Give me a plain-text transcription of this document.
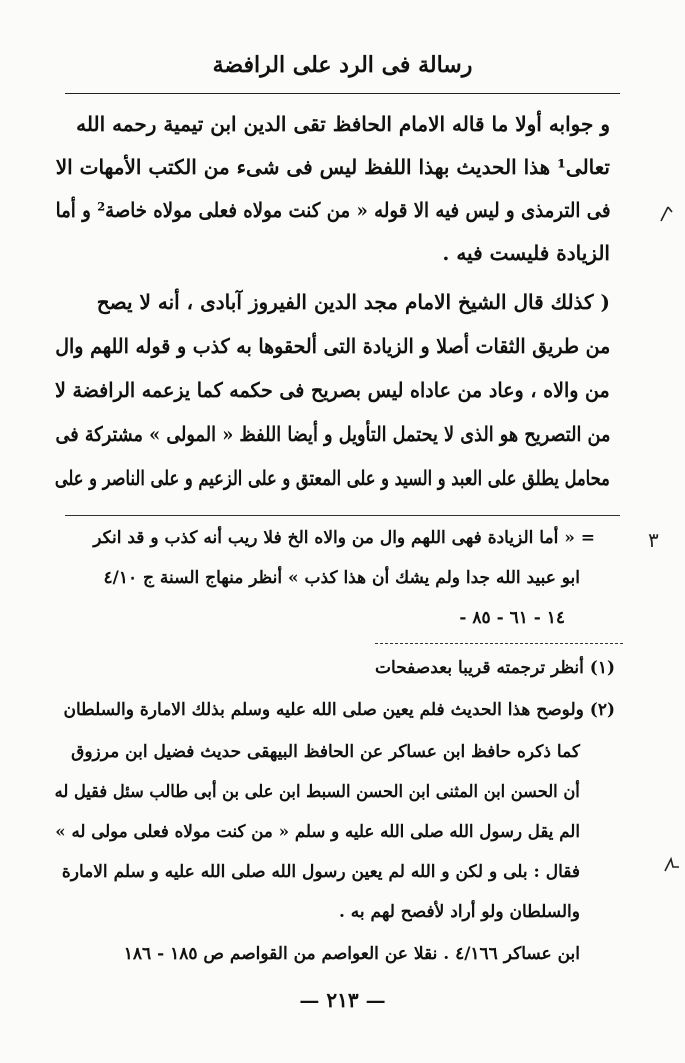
رسالة فى الرد على الرافضة
و جوابه أولا ما قاله الامام الحافظ تقى الدين ابن تيمية رحمه الله
تعالى¹ هذا الحديث بهذا اللفظ ليس فى شىء من الكتب الأمهات الا
فى الترمذى و ليس فيه الا قوله « من كنت مولاه فعلى مولاه خاصة² و أما
الزيادة فليست فيه .
( كذلك قال الشيخ الامام مجد الدين الفيروز آبادى ، أنه لا يصح
من طريق الثقات أصلا و الزيادة التى ألحقوها به كذب و قوله اللهم وال
من والاه ، وعاد من عاداه ليس بصريح فى حكمه كما يزعمه الرافضة لا
من التصريح هو الذى لا يحتمل التأويل و أيضا اللفظ « المولى » مشتركة فى
محامل يطلق على العبد و السيد و على المعتق و على الزعيم و على الناصر و على
= « أما الزيادة فهى اللهم وال من والاه الخ فلا ريب أنه كذب و قد انكر
ابو عبيد الله جدا ولم يشك أن هذا كذب » أنظر منهاج السنة ج ٤/١٠
- ١٤ - ٦١ - ٨٥
(١) أنظر ترجمته قريبا بعدصفحات
(٢) ولوصح هذا الحديث فلم يعين صلى الله عليه وسلم بذلك الامارة والسلطان
كما ذكره حافظ ابن عساكر عن الحافظ البيهقى حديث فضيل ابن مرزوق
أن الحسن ابن المثنى ابن الحسن السبط ابن على بن أبى طالب سئل فقيل له
الم يقل رسول الله صلى الله عليه و سلم « من كنت مولاه فعلى مولى له »
فقال : بلى و لكن و الله لم يعين رسول الله صلى الله عليه و سلم الامارة
والسلطان ولو أراد لأفصح لهم به .
ابن عساكر ٤/١٦٦ . نقلا عن العواصم من القواصم ص ١٨٥ - ١٨٦
— ٢١٣ —
٣
